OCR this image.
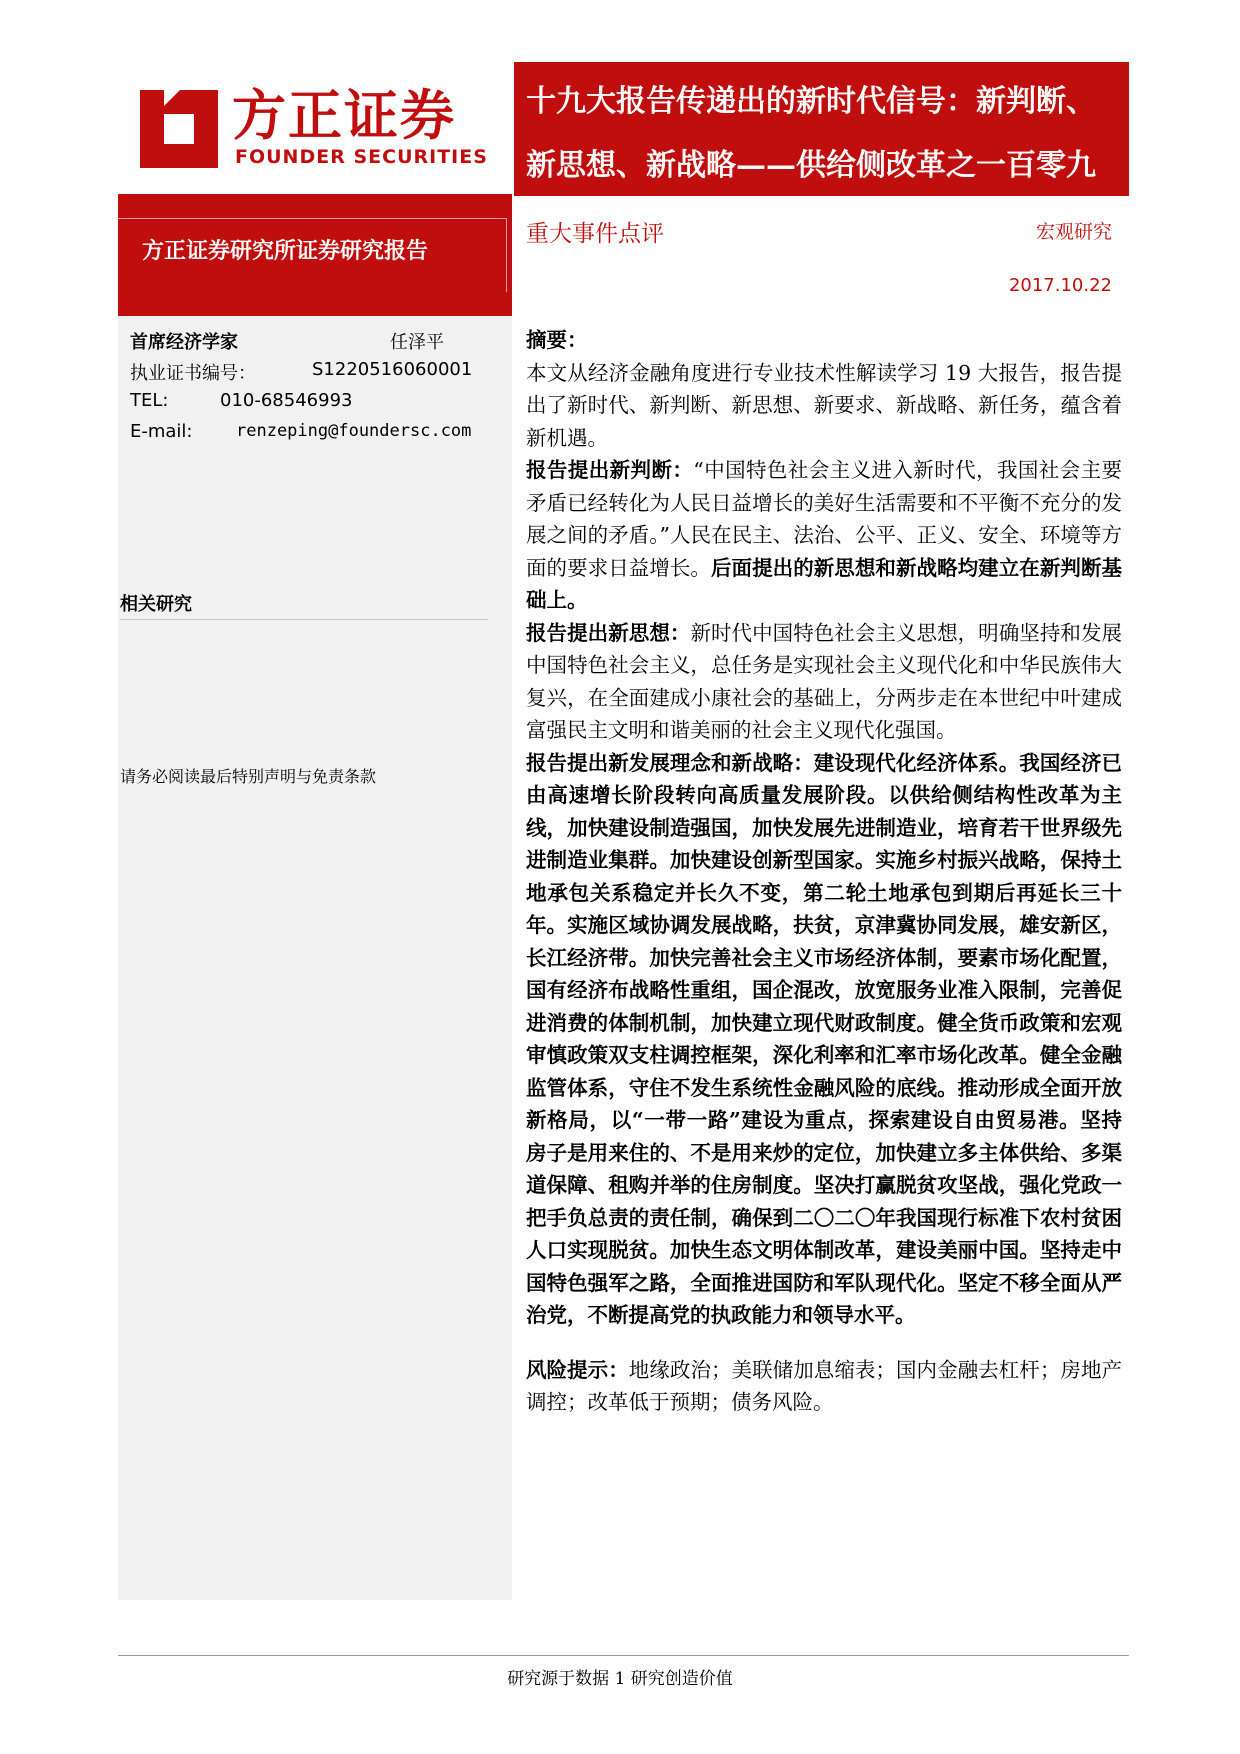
方正证券
FOUNDER SECURITIES
十九大报告传递出的新时代信号：新判断、
新思想、新战略——供给侧改革之一百零九
方正证券研究所证券研究报告
首席经济学家	任泽平
执业证书编号：	S1220516060001
TEL:	010-68546993
E-mail:	renzeping@foundersc.com
相关研究
请务必阅读最后特别声明与免责条款
重大事件点评	宏观研究
2017.10.22

摘要：

本文从经济金融角度进行专业技术性解读学习 19 大报告，报告提出了新时代、新判断、新思想、新要求、新战略、新任务，蕴含着新机遇。

报告提出新判断：“中国特色社会主义进入新时代，我国社会主要矛盾已经转化为人民日益增长的美好生活需要和不平衡不充分的发展之间的矛盾。”人民在民主、法治、公平、正义、安全、环境等方面的要求日益增长。后面提出的新思想和新战略均建立在新判断基础上。

报告提出新思想：新时代中国特色社会主义思想，明确坚持和发展中国特色社会主义，总任务是实现社会主义现代化和中华民族伟大复兴，在全面建成小康社会的基础上，分两步走在本世纪中叶建成富强民主文明和谐美丽的社会主义现代化强国。

报告提出新发展理念和新战略：建设现代化经济体系。我国经济已由高速增长阶段转向高质量发展阶段。以供给侧结构性改革为主线，加快建设制造强国，加快发展先进制造业，培育若干世界级先进制造业集群。加快建设创新型国家。实施乡村振兴战略，保持土地承包关系稳定并长久不变，第二轮土地承包到期后再延长三十年。实施区域协调发展战略，扶贫，京津冀协同发展，雄安新区，长江经济带。加快完善社会主义市场经济体制，要素市场化配置，国有经济布战略性重组，国企混改，放宽服务业准入限制，完善促进消费的体制机制，加快建立现代财政制度。健全货币政策和宏观审慎政策双支柱调控框架，深化利率和汇率市场化改革。健全金融监管体系，守住不发生系统性金融风险的底线。推动形成全面开放新格局，以“一带一路”建设为重点，探索建设自由贸易港。坚持房子是用来住的、不是用来炒的定位，加快建立多主体供给、多渠道保障、租购并举的住房制度。坚决打赢脱贫攻坚战，强化党政一把手负总责的责任制，确保到二〇二〇年我国现行标准下农村贫困人口实现脱贫。加快生态文明体制改革，建设美丽中国。坚持走中国特色强军之路，全面推进国防和军队现代化。坚定不移全面从严治党，不断提高党的执政能力和领导水平。

风险提示：地缘政治；美联储加息缩表；国内金融去杠杆；房地产调控；改革低于预期；债务风险。

研究源于数据 1 研究创造价值
